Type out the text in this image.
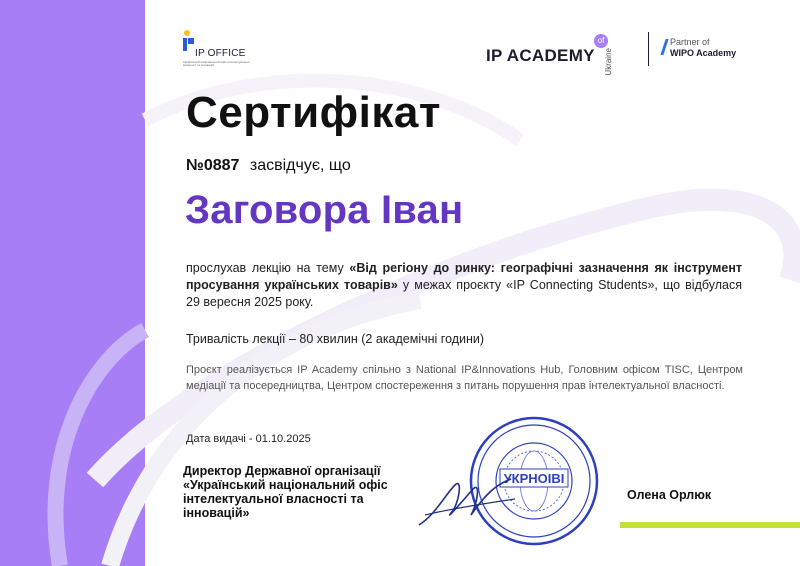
IP OFFICE
Український національний офіс інтелектуальної власності та інновацій	IP ACADEMY
of
Ukraine
Partner of
WIPO Academy
Сертифікат
№0887 засвідчує, що
Заговора Іван
прослухав лекцію на тему «Від регіону до ринку: географічні зазначення як інструмент просування українських товарів» у межах проєкту «IP Connecting Students», що відбулася 29 вересня 2025 року.
Тривалість лекції – 80 хвилин (2 академічні години)
Проєкт реалізується IP Academy спільно з National IP&Innovations Hub, Головним офісом TISC, Центром медіації та посередництва, Центром спостереження з питань порушення прав інтелектуальної власності.
Дата видачі - 01.10.2025
Директор Державної організації «Український національний офіс інтелектуальної власності та інновацій»
УКРНОІВІ
Олена Орлюк
